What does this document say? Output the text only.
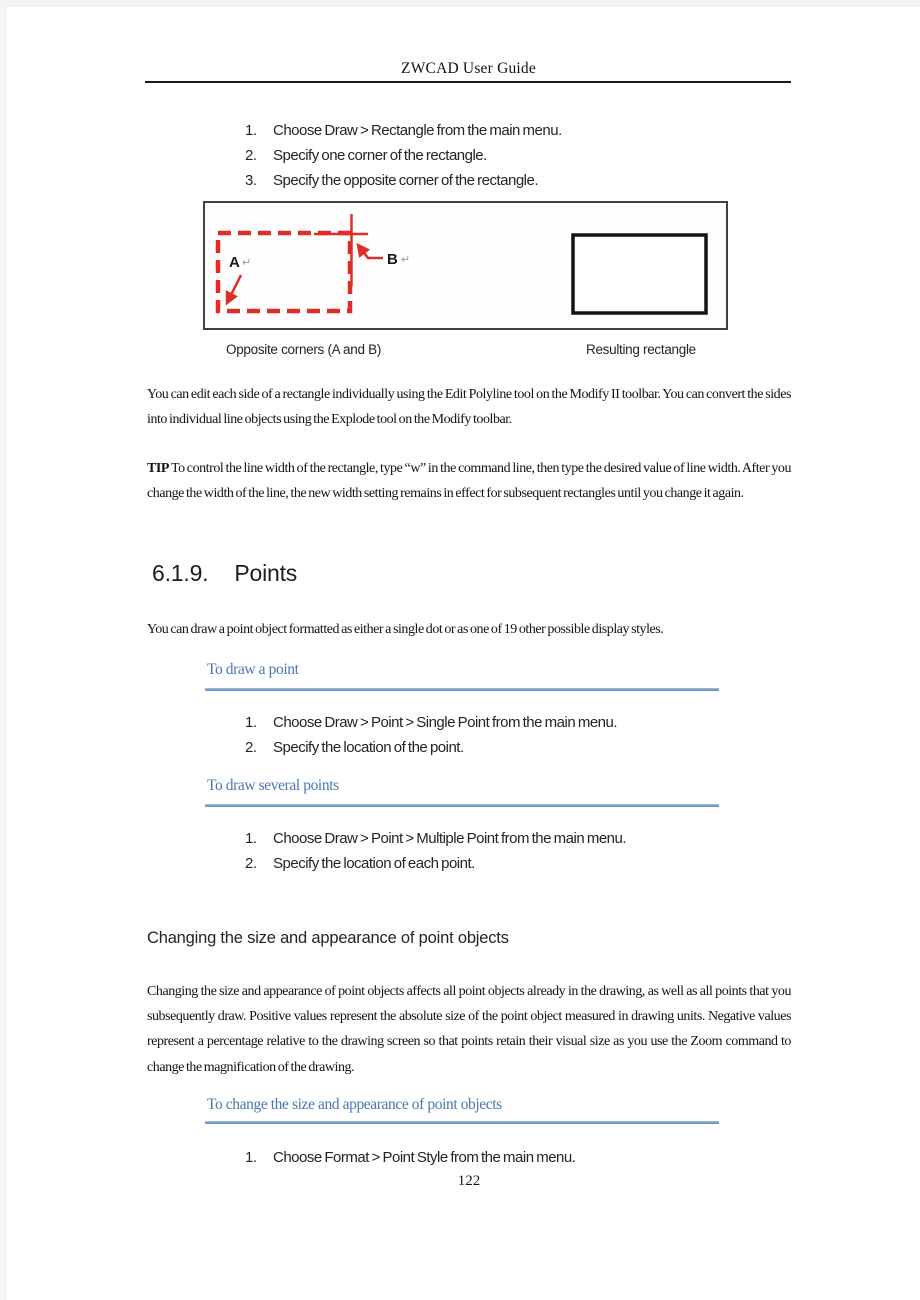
ZWCAD User Guide
1.	Choose Draw > Rectangle from the main menu.
2.	Specify one corner of the rectangle.
3.	Specify the opposite corner of the rectangle.
A ↵	B ↵
Opposite corners (A and B)	Resulting rectangle
You can edit each side of a rectangle individually using the Edit Polyline tool on the Modify II toolbar. You can convert the sides into individual line objects using the Explode tool on the Modify toolbar.
TIP To control the line width of the rectangle, type “w” in the command line, then type the desired value of line width. After you change the width of the line, the new width setting remains in effect for subsequent rectangles until you change it again.
6.1.9. Points
You can draw a point object formatted as either a single dot or as one of 19 other possible display styles.
To draw a point
1.	Choose Draw > Point > Single Point from the main menu.
2.	Specify the location of the point.
To draw several points
1.	Choose Draw > Point > Multiple Point from the main menu.
2.	Specify the location of each point.
Changing the size and appearance of point objects
Changing the size and appearance of point objects affects all point objects already in the drawing, as well as all points that you subsequently draw. Positive values represent the absolute size of the point object measured in drawing units. Negative values represent a percentage relative to the drawing screen so that points retain their visual size as you use the Zoom command to change the magnification of the drawing.
To change the size and appearance of point objects
1.	Choose Format > Point Style from the main menu.
122
